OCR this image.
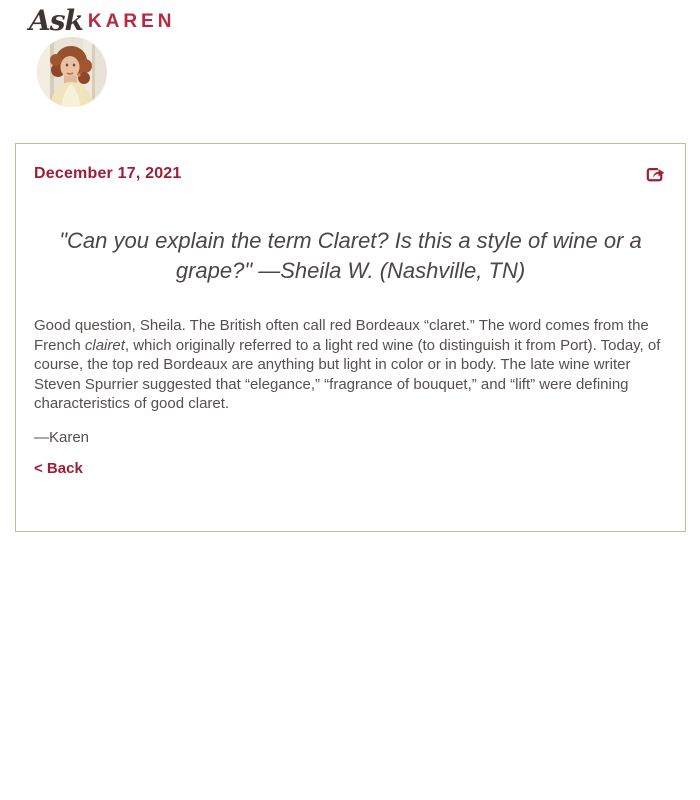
Ask KAREN
December 17, 2021
"Can you explain the term Claret? Is this a style of wine or a grape?" —Sheila W. (Nashville, TN)

Good question, Sheila. The British often call red Bordeaux “claret.” The word comes from the French clairet, which originally referred to a light red wine (to distinguish it from Port). Today, of course, the top red Bordeaux are anything but light in color or in body. The late wine writer Steven Spurrier suggested that “elegance,” “fragrance of bouquet,” and “lift” were defining characteristics of good claret.

—Karen

< Back
